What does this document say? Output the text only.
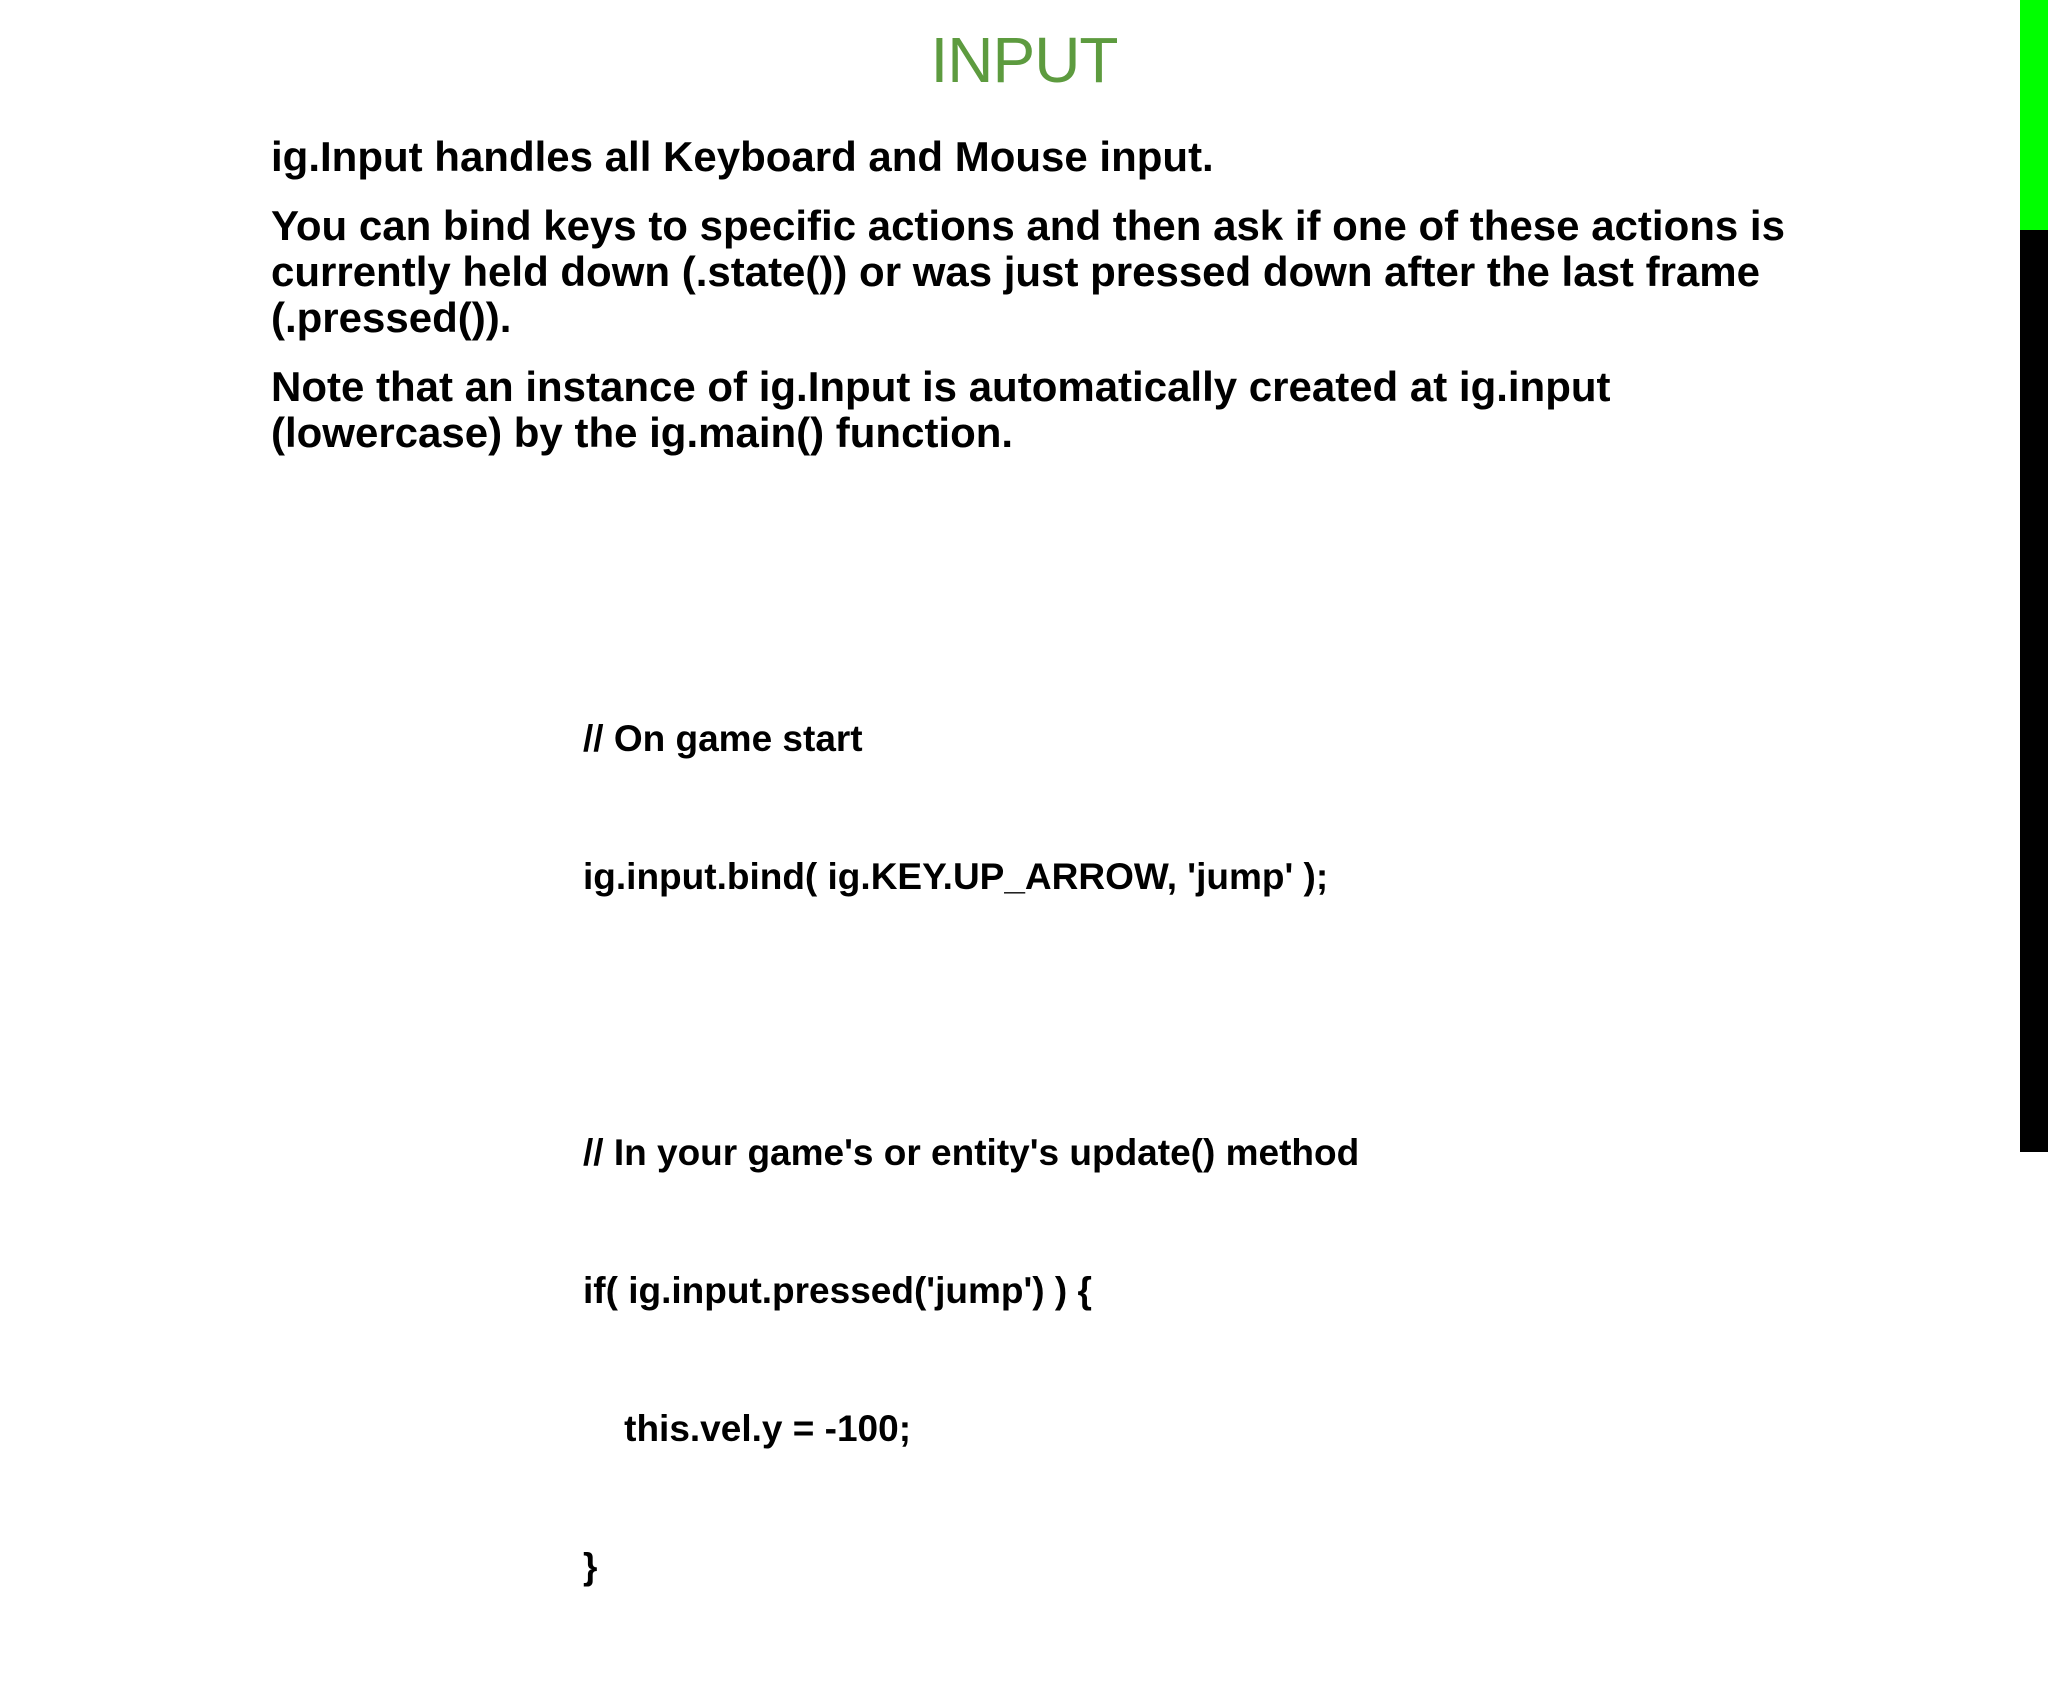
INPUT

ig.Input handles all Keyboard and Mouse input.

You can bind keys to specific actions and then ask if one of these actions is currently held down (.state()) or was just pressed down after the last frame (.pressed()).

Note that an instance of ig.Input is automatically created at ig.input (lowercase) by the ig.main() function.

// On game start

ig.input.bind( ig.KEY.UP_ARROW, 'jump' );

// In your game's or entity's update() method

if( ig.input.pressed('jump') ) {

this.vel.y = -100;

}
